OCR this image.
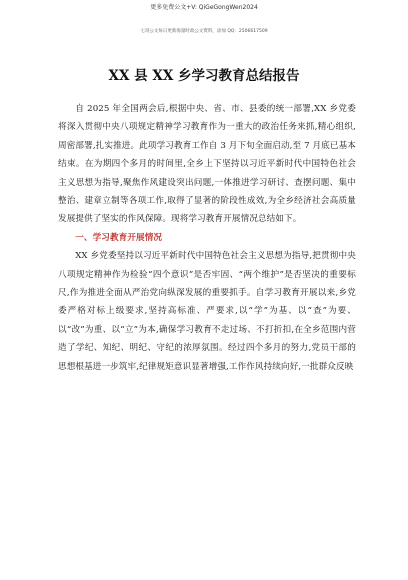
更多免费公文+V: QiGeGongWen2024
七哥公文每日更新海量时政公文资料，添加 QQ：2506617509
XX 县 XX 乡学习教育总结报告

自 2025 年全国两会后,根据中央、省、市、县委的统一部署,XX 乡党委将深入贯彻中央八项规定精神学习教育作为一重大的政治任务来抓,精心组织,周密部署,扎实推进。此项学习教育工作自 3 月下旬全面启动,至 7 月底已基本结束。在为期四个多月的时间里,全乡上下坚持以习近平新时代中国特色社会主义思想为指导,聚焦作风建设突出问题,一体推进学习研讨、查摆问题、集中整治、建章立制等各项工作,取得了显著的阶段性成效,为全乡经济社会高质量发展提供了坚实的作风保障。现将学习教育开展情况总结如下。

一、学习教育开展情况

XX 乡党委坚持以习近平新时代中国特色社会主义思想为指导,把贯彻中央八项规定精神作为检验“四个意识”是否牢固、“两个维护”是否坚决的重要标尺,作为推进全面从严治党向纵深发展的重要抓手。自学习教育开展以来,乡党委严格对标上级要求,坚持高标准、严要求,以“学”为基、以“查”为要、以“改”为重、以“立”为本,确保学习教育不走过场、不打折扣,在全乡范围内营造了学纪、知纪、明纪、守纪的浓厚氛围。经过四个多月的努力,党员干部的思想根基进一步筑牢,纪律规矩意识显著增强,工作作风持续向好,一批群众反映
